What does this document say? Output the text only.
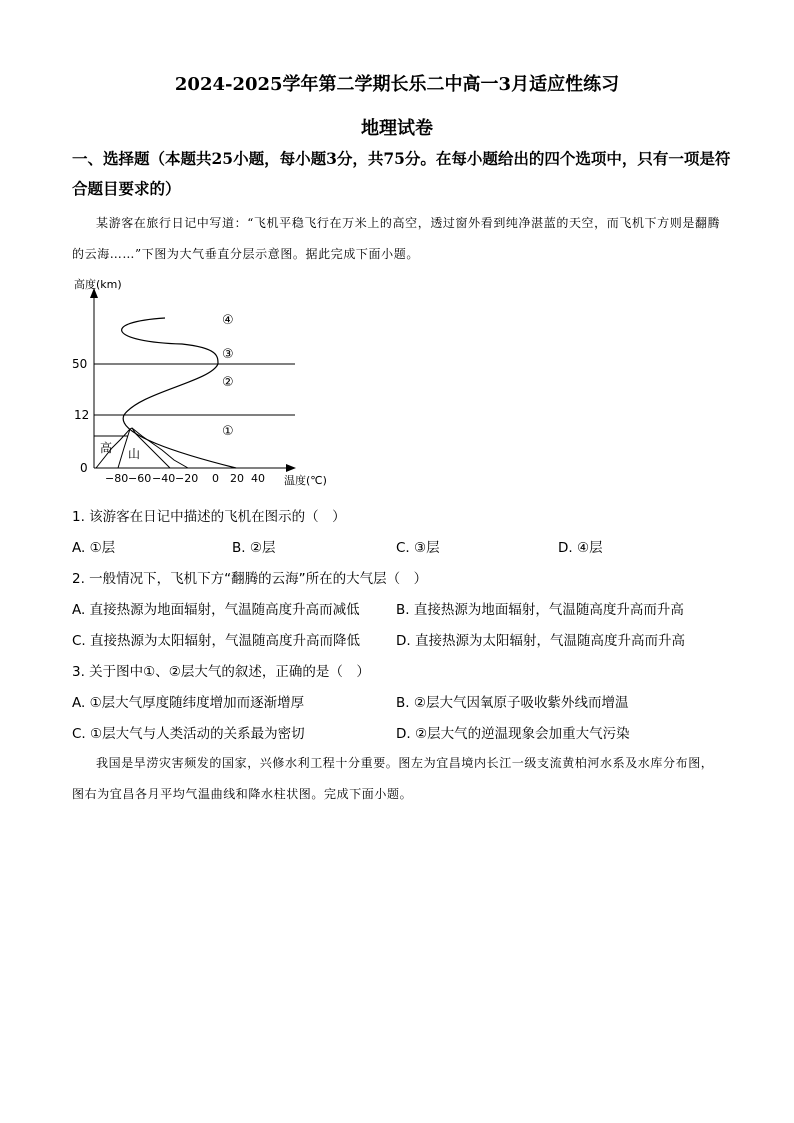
2024-2025学年第二学期长乐二中高一3月适应性练习
地理试卷
一、选择题（本题共25小题，每小题3分，共75分。在每小题给出的四个选项中，只有一项是符合题目要求的）
某游客在旅行日记中写道：“飞机平稳飞行在万米上的高空，透过窗外看到纯净湛蓝的天空，而飞机下方则是翻腾的云海……”下图为大气垂直分层示意图。据此完成下面小题。
高 山
高度(km)
温度(℃)
50
12
0
−80 −60 −40 −20 0 20 40
①
②
③
④
1. 该游客在日记中描述的飞机在图示的（　）
A. ①层	B. ②层	C. ③层	D. ④层
2. 一般情况下，飞机下方“翻腾的云海”所在的大气层（　）
A. 直接热源为地面辐射，气温随高度升高而减低	B. 直接热源为地面辐射，气温随高度升高而升高
C. 直接热源为太阳辐射，气温随高度升高而降低	D. 直接热源为太阳辐射，气温随高度升高而升高
3. 关于图中①、②层大气的叙述，正确的是（　）
A. ①层大气厚度随纬度增加而逐渐增厚	B. ②层大气因氧原子吸收紫外线而增温
C. ①层大气与人类活动的关系最为密切	D. ②层大气的逆温现象会加重大气污染
我国是旱涝灾害频发的国家，兴修水利工程十分重要。图左为宜昌境内长江一级支流黄柏河水系及水库分布图，图右为宜昌各月平均气温曲线和降水柱状图。完成下面小题。
